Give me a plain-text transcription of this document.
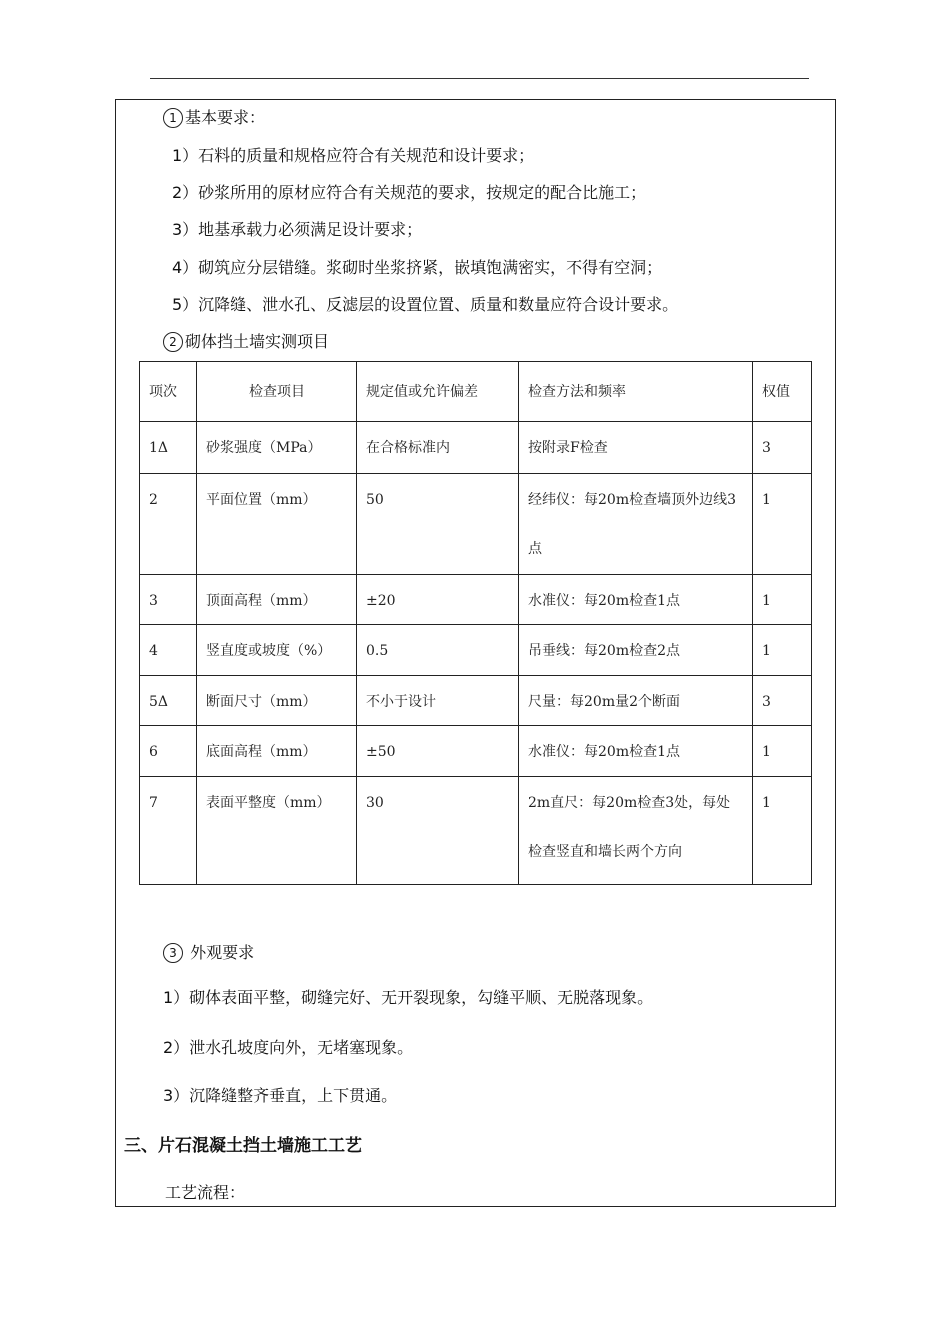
1 基本要求：
1）石料的质量和规格应符合有关规范和设计要求；
2）砂浆所用的原材应符合有关规范的要求，按规定的配合比施工；
3）地基承载力必须满足设计要求；
4）砌筑应分层错缝。浆砌时坐浆挤紧，嵌填饱满密实，不得有空洞；
5）沉降缝、泄水孔、反滤层的设置位置、质量和数量应符合设计要求。
2 砌体挡土墙实测项目
项次	检查项目	规定值或允许偏差	检查方法和频率	权值
1Δ	砂浆强度（MPa）	在合格标准内	按附录F检查	3
2	平面位置（mm）	50	经纬仪：每20m检查墙顶外边线3点	1
3	顶面高程（mm）	±20	水准仪：每20m检查1点	1
4	竖直度或坡度（%）	0.5	吊垂线：每20m检查2点	1
5Δ	断面尺寸（mm）	不小于设计	尺量：每20m量2个断面	3
6	底面高程（mm）	±50	水准仪：每20m检查1点	1
7	表面平整度（mm）	30	2m直尺：每20m检查3处，每处检查竖直和墙长两个方向	1
3 外观要求
1）砌体表面平整，砌缝完好、无开裂现象，勾缝平顺、无脱落现象。
2）泄水孔坡度向外，无堵塞现象。
3）沉降缝整齐垂直，上下贯通。
三、片石混凝土挡土墙施工工艺
工艺流程：
